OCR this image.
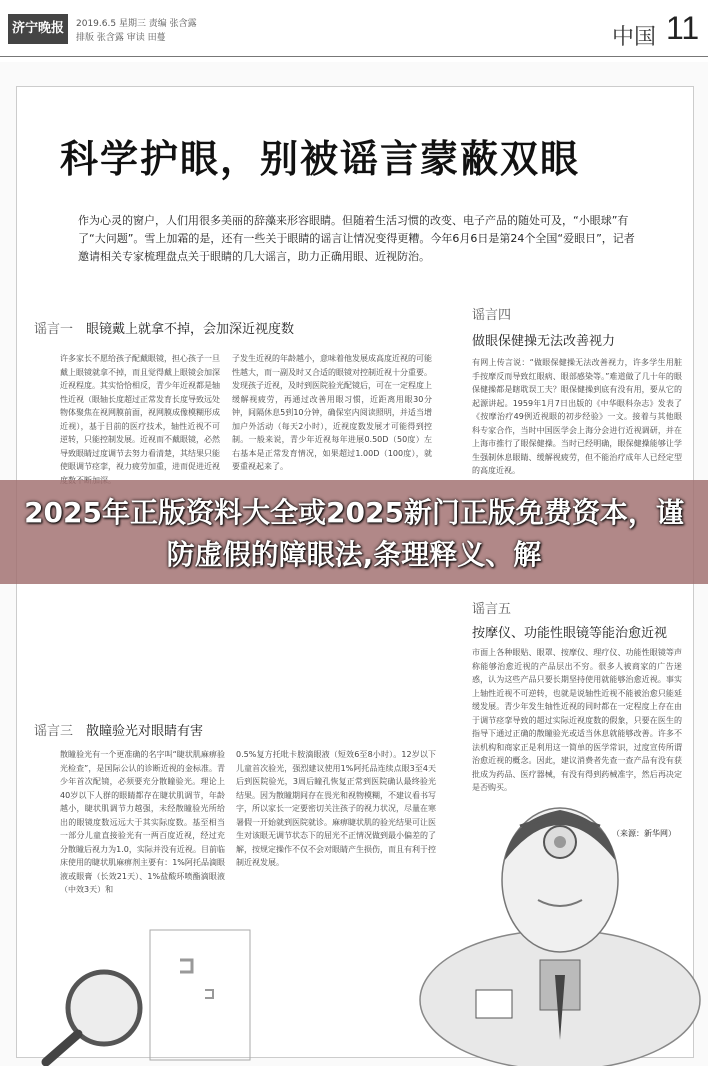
济宁晚报	2019.6.5 星期三 责编 张含露
排版 张含露 审读 田蔓	中国 11
科学护眼，别被谣言蒙蔽双眼
作为心灵的窗户，人们用很多美丽的辞藻来形容眼睛。但随着生活习惯的改变、电子产品的随处可及，“小眼球”有了“大问题”。雪上加霜的是，还有一些关于眼睛的谣言让情况变得更糟。今年6月6日是第24个全国“爱眼日”，记者邀请相关专家梳理盘点关于眼睛的几大谣言，助力正确用眼、近视防治。
谣言一 眼镜戴上就拿不掉，会加深近视度数
许多家长不愿给孩子配戴眼镜，担心孩子一旦戴上眼镜就拿不掉，而且觉得戴上眼镜会加深近视程度。其实恰恰相反，青少年近视都是轴性近视（眼轴长度超过正常发育长度导致远处物体聚焦在视网膜前面，视网膜成像模糊形成近视），基于目前的医疗技术，轴性近视不可逆转，只能控制发展。近视而不戴眼镜，必然导致眼睛过度调节去努力看清楚，其结果只能使眼调节痉挛，视力疲劳加重，进而促进近视
子发生近视的年龄越小，意味着他发展成高度近视的可能性越大，而一副及时又合适的眼镜对控制近视十分重要。发现孩子近视，及时到医院验光配镜后，可在一定程度上缓解视疲劳，再通过改善用眼习惯，近距离用眼30分钟，间隔休息5到10分钟，确保室内阅读照明，并适当增加户外活动（每天2小时），近视度数发展才可能得到控制。一般来说，青少年近视每年进展0.50D（50度）左右基本是正常发育情况，如果超过1.00D（100度），就要重视起来了。
谣言四
做眼保健操无法改善视力
有网上传言说：“做眼保健操无法改善视力，许多学生用脏手按摩反而导致红眼病、眼部感染等。”难道做了几十年的眼保健操都是瞎耽误工夫？眼保健操到底有没有用，要从它的起源讲起。1959年1月7日出版的《中华眼科杂志》发表了《按摩治疗49例近视眼的初步经验》一文。接着与其他眼科专家合作，当时中国医学会上海分会进行近视调研，并在上海市推行了眼保健操。当时已经明确，眼保健操能够让学生强制休息眼睛、缓解视疲劳，但不能治疗成年人已经定型的高度近视。
谣言五
按摩仪、功能性眼镜等能治愈近视
市面上各种眼贴、眼罩、按摩仪、理疗仪、功能性眼镜等声称能够治愈近视的产品层出不穷。很多人被商家的广告迷惑，认为这些产品只要长期坚持使用就能够治愈近视。事实上轴性近视不可逆转，也就是说轴性近视不能被治愈只能延缓发展。青少年发生轴性近视的同时都在一定程度上存在由于调节痉挛导致的超过实际近视度数的假象，只要在医生的指导下通过正确的散瞳验光或适当休息就能够改善。许多不法机构和商家正是利用这一简单的医学常识，过度宣传所谓治愈近视的概念。因此，建议消费者先查一查产品有没有获批成为药品、医疗器械，有没有得到药械准字，然后再决定是否购买。
（来源：新华网）
谣言三 散瞳验光对眼睛有害
散瞳验光有一个更准确的名字叫“睫状肌麻痹验光检查”，是国际公认的诊断近视的金标准。青少年首次配镜，必须要充分散瞳验光。理论上40岁以下人群的眼睛都存在睫状肌调节，年龄越小，睫状肌调节力越强，未经散瞳验光所给出的眼镜度数远远大于其实际度数。基至相当一部分儿童直接验光有一两百度近视，经过充分散瞳后视力为1.0，实际并没有近视。目前临床使用的睫状肌麻痹剂主要有：1%阿托品滴眼液或眼膏（长效21天）、1%盐酸环喷酯滴眼液（中效3天）和
0.5%复方托吡卡胺滴眼液（短效6至8小时）。12岁以下儿童首次验光，强烈建议使用1%阿托品连续点眼3至4天后到医院验光，3周后瞳孔恢复正常到医院确认最终验光结果。因为散瞳期间存在畏光和视物模糊，不建议看书写字，所以家长一定要密切关注孩子的视力状况，尽量在寒暑假一开始就到医院就诊。麻痹睫状肌的验光结果可让医生对该眼无调节状态下的屈光不正情况做到最小偏差的了解，按规定操作不仅不会对眼睛产生损伤，而且有利于控制近视发展。
2025年正版资料大全或2025新门正版免费资本，谨防虚假的障眼法,条理释义、解
